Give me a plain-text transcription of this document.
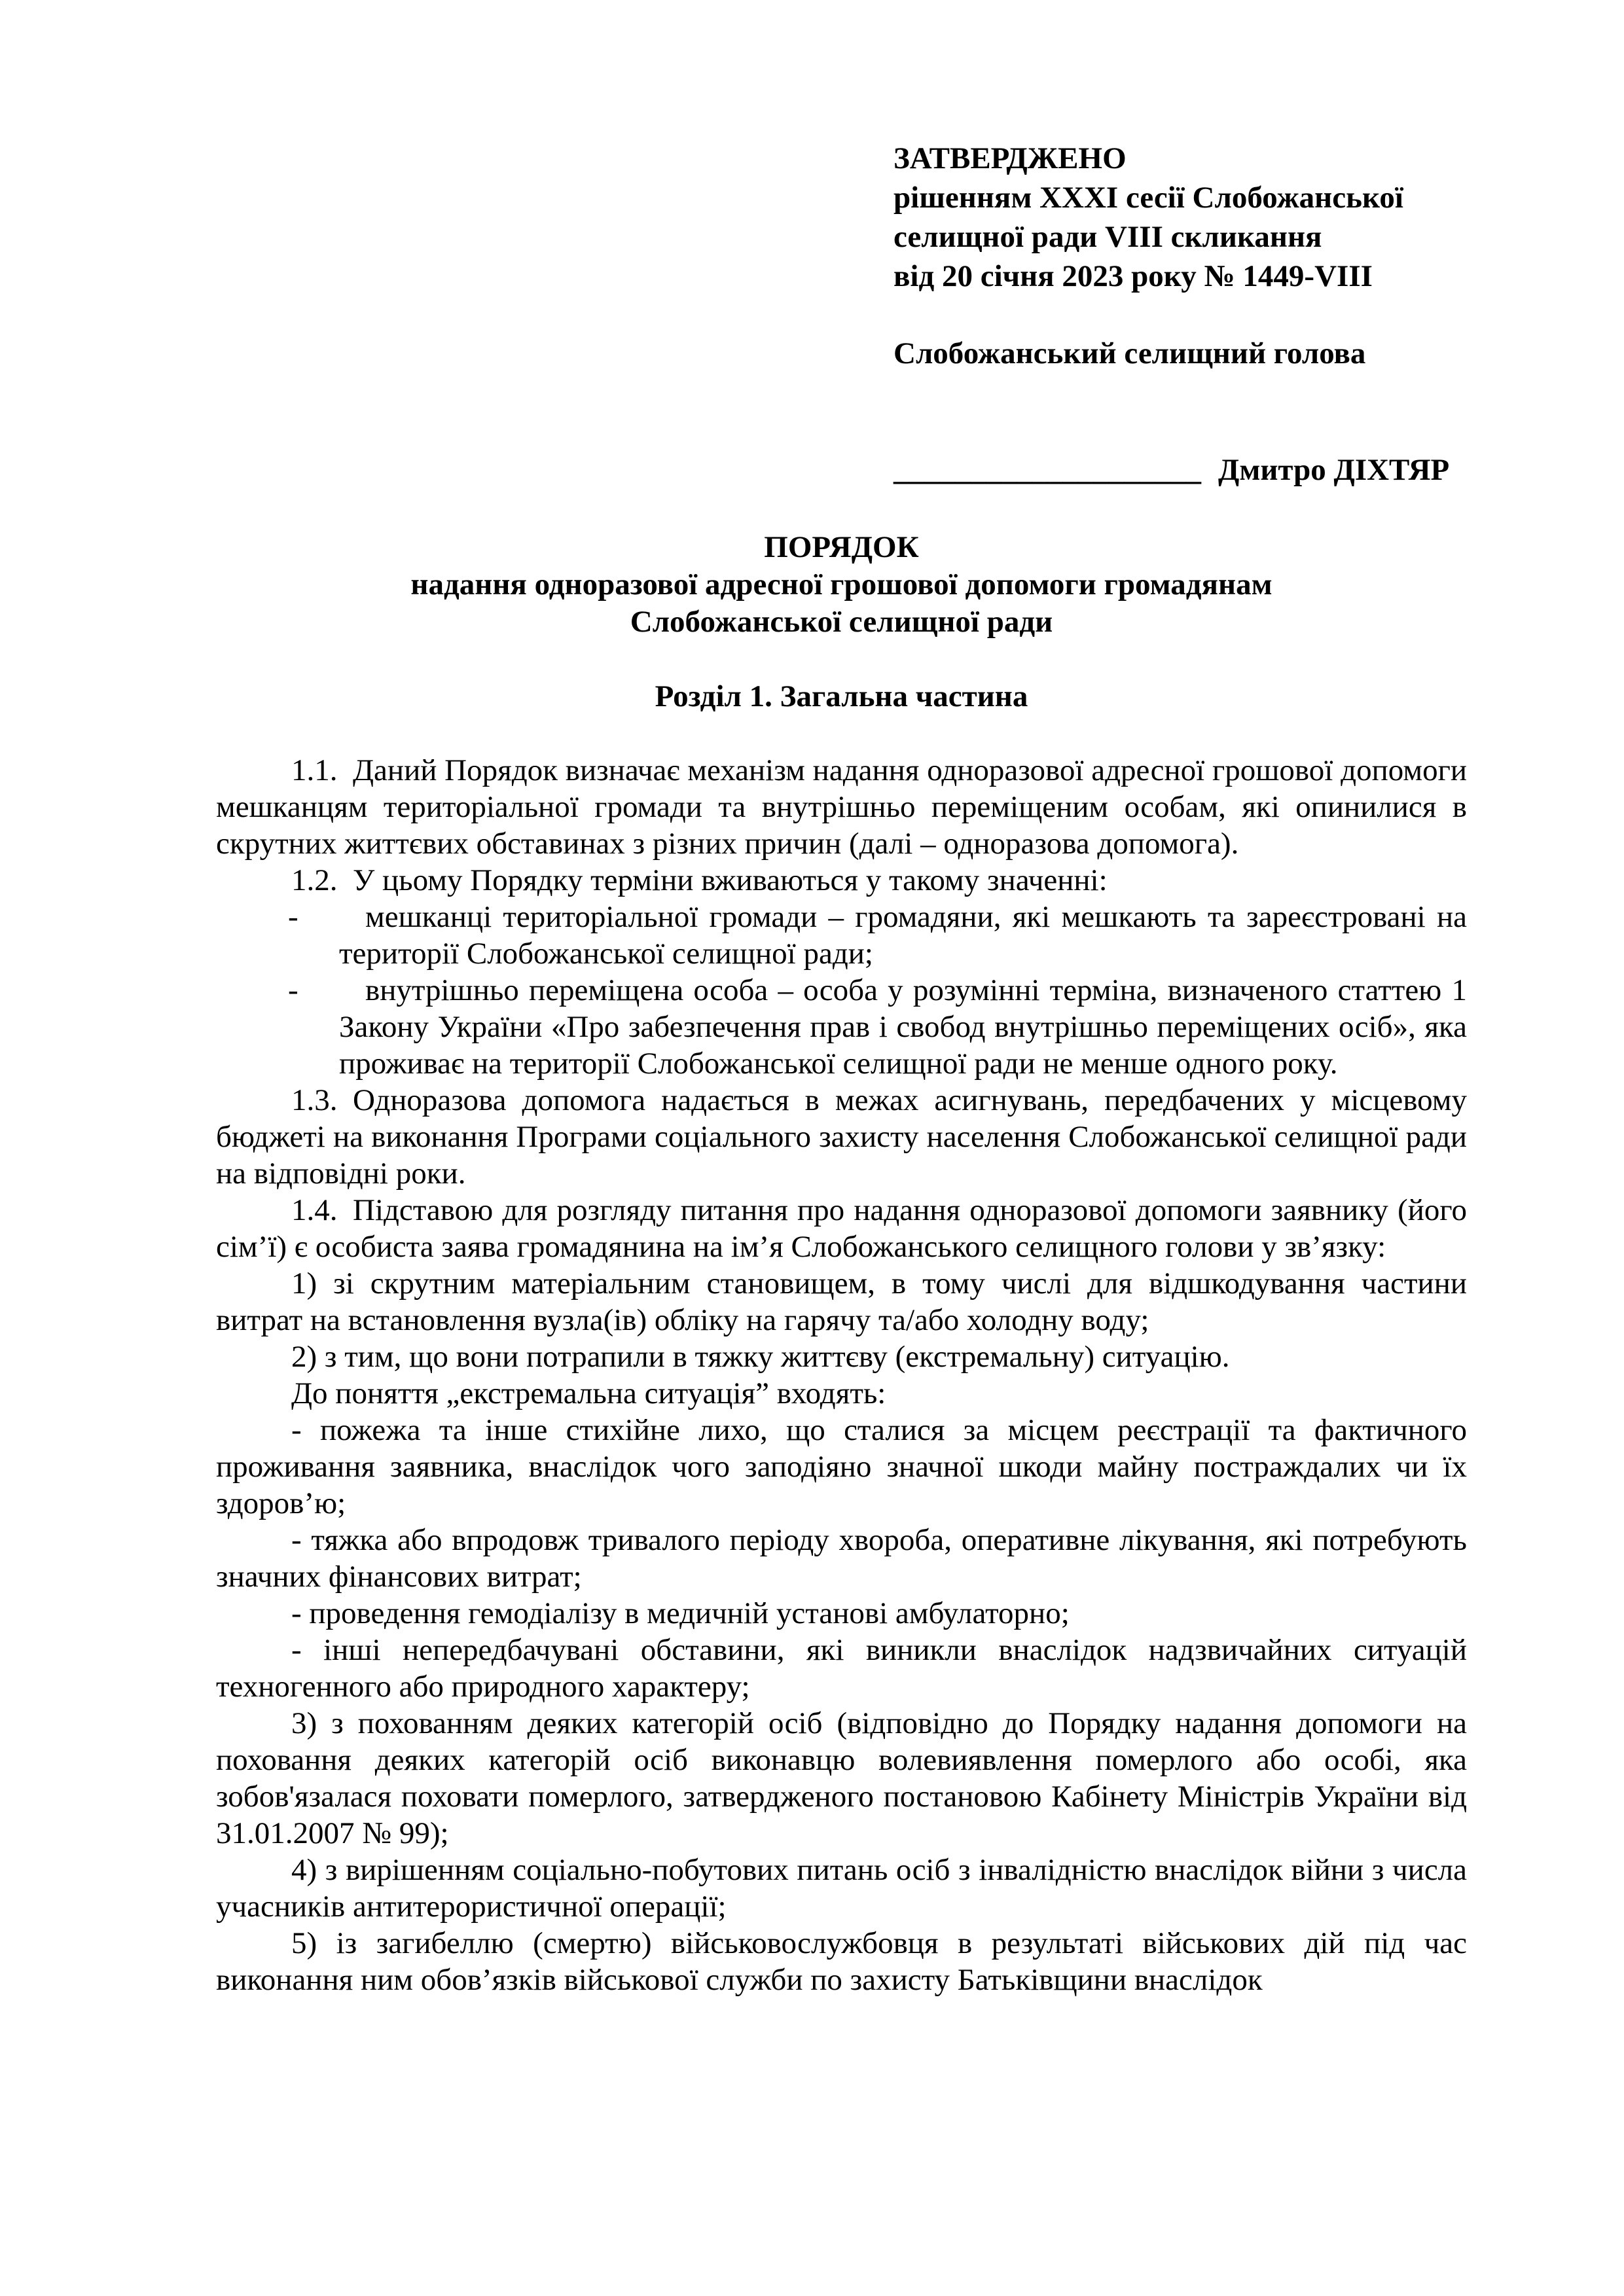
ЗАТВЕРДЖЕНО
рішенням XXXI сесії Слобожанської
селищної ради VIII скликання
від 20 січня 2023 року № 1449-VIII
Слобожанський селищний голова
____________________ Дмитро ДІХТЯР
ПОРЯДОК
надання одноразової адресної грошової допомоги громадянам
Слобожанської селищної ради
Розділ 1. Загальна частина

1.1. Даний Порядок визначає механізм надання одноразової адресної грошової допомоги мешканцям територіальної громади та внутрішньо переміщеним особам, які опинилися в скрутних життєвих обставинах з різних причин (далі – одноразова допомога).

1.2. У цьому Порядку терміни вживаються у такому значенні:

- мешканці територіальної громади – громадяни, які мешкають та зареєстровані на території Слобожанської селищної ради;
- внутрішньо переміщена особа – особа у розумінні терміна, визначеного статтею 1 Закону України «Про забезпечення прав і свобод внутрішньо переміщених осіб», яка проживає на території Слобожанської селищної ради не менше одного року.

1.3. Одноразова допомога надається в межах асигнувань, передбачених у місцевому бюджеті на виконання Програми соціального захисту населення Слобожанської селищної ради на відповідні роки.

1.4. Підставою для розгляду питання про надання одноразової допомоги заявнику (його сім’ї) є особиста заява громадянина на ім’я Слобожанського селищного голови у зв’язку:

1) зі скрутним матеріальним становищем, в тому числі для відшкодування частини витрат на встановлення вузла(ів) обліку на гарячу та/або холодну воду;

2) з тим, що вони потрапили в тяжку життєву (екстремальну) ситуацію.

До поняття „екстремальна ситуація” входять:

- пожежа та інше стихійне лихо, що сталися за місцем реєстрації та фактичного проживання заявника, внаслідок чого заподіяно значної шкоди майну постраждалих чи їх здоров’ю;

- тяжка або впродовж тривалого періоду хвороба, оперативне лікування, які потребують значних фінансових витрат;

- проведення гемодіалізу в медичній установі амбулаторно;

- інші непередбачувані обставини, які виникли внаслідок надзвичайних ситуацій техногенного або природного характеру;

3) з похованням деяких категорій осіб (відповідно до Порядку надання допомоги на поховання деяких категорій осіб виконавцю волевиявлення померлого або особі, яка зобов'язалася поховати померлого, затвердженого постановою Кабінету Міністрів України від 31.01.2007 № 99);

4) з вирішенням соціально-побутових питань осіб з інвалідністю внаслідок війни з числа учасників антитерористичної операції;

5) із загибеллю (смертю) військовослужбовця в результаті військових дій під час виконання ним обов’язків військової служби по захисту Батьківщини внаслідок
